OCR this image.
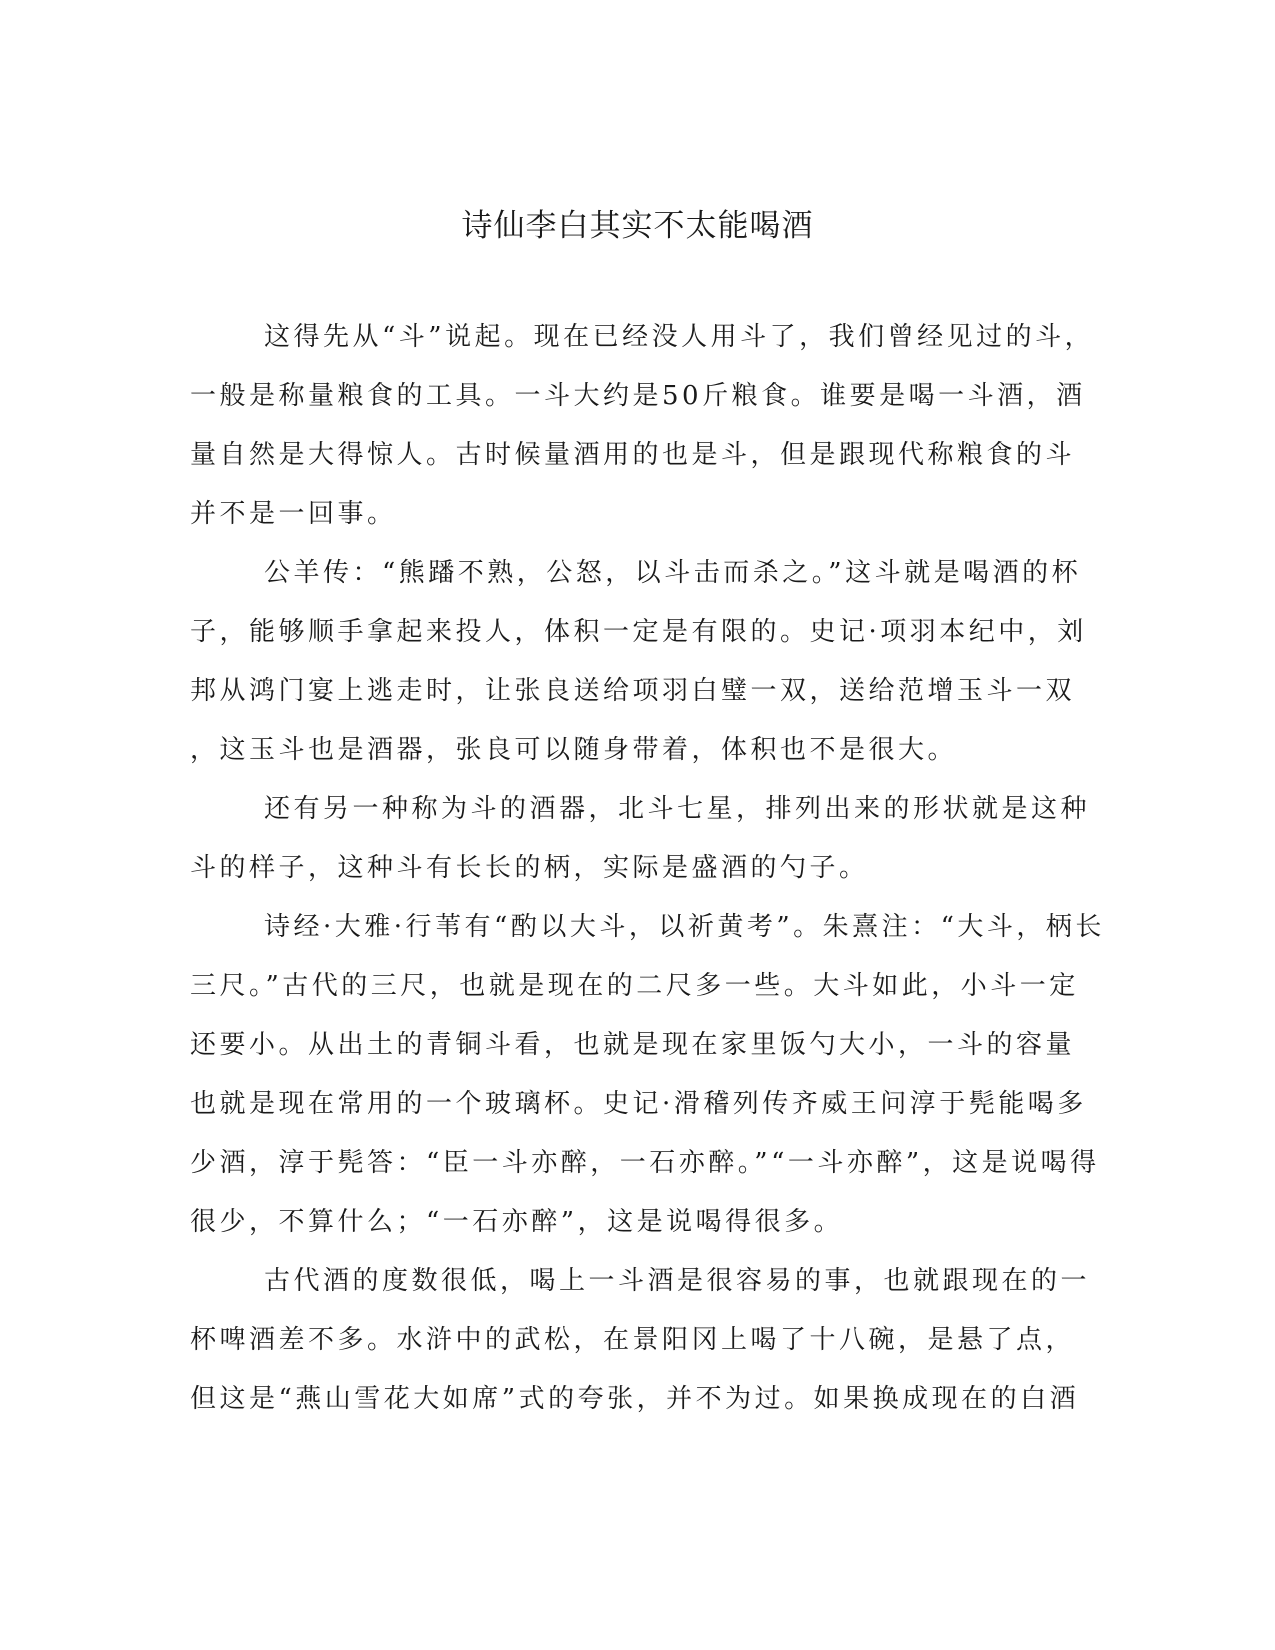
诗仙李白其实不太能喝酒
这得先从“斗”说起。现在已经没人用斗了，我们曾经见过的斗，
一般是称量粮食的工具。一斗大约是50斤粮食。谁要是喝一斗酒，酒
量自然是大得惊人。古时候量酒用的也是斗，但是跟现代称粮食的斗
并不是一回事。
公羊传：“熊蹯不熟，公怒，以斗击而杀之。”这斗就是喝酒的杯
子，能够顺手拿起来投人，体积一定是有限的。史记·项羽本纪中，刘
邦从鸿门宴上逃走时，让张良送给项羽白璧一双，送给范增玉斗一双
，这玉斗也是酒器，张良可以随身带着，体积也不是很大。
还有另一种称为斗的酒器，北斗七星，排列出来的形状就是这种
斗的样子，这种斗有长长的柄，实际是盛酒的勺子。
诗经·大雅·行苇有“酌以大斗，以祈黄考”。朱熹注：“大斗，柄长
三尺。”古代的三尺，也就是现在的二尺多一些。大斗如此，小斗一定
还要小。从出土的青铜斗看，也就是现在家里饭勺大小，一斗的容量
也就是现在常用的一个玻璃杯。史记·滑稽列传齐威王问淳于髡能喝多
少酒，淳于髡答：“臣一斗亦醉，一石亦醉。”“一斗亦醉”，这是说喝得
很少，不算什么；“一石亦醉”，这是说喝得很多。
古代酒的度数很低，喝上一斗酒是很容易的事，也就跟现在的一
杯啤酒差不多。水浒中的武松，在景阳冈上喝了十八碗，是悬了点，
但这是“燕山雪花大如席”式的夸张，并不为过。如果换成现在的白酒
